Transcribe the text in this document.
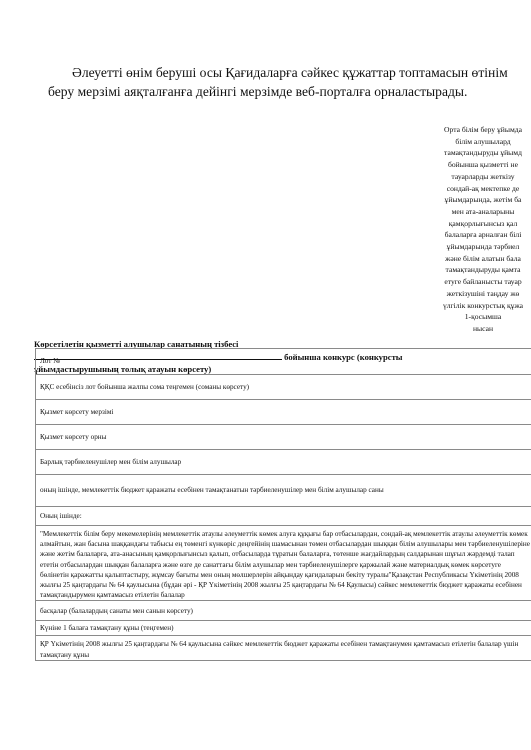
Әлеуетті өнім беруші осы Қағидаларға сәйкес құжаттар топтамасын өтінім беру мерзімі аяқталғанға дейінгі мерзімде веб-порталға орналастырады.

Орта білім беру ұйымда
білім алушылард
тамақтандыруды ұйымд
бойынша қызметті не
тауарларды жеткізу
сондай-ақ мектепке де
ұйымдарында, жетім ба
мен ата-аналарыны
қамқорлығынсыз қал
балаларға арналған білі
ұйымдарында тәрбиел
және білім алатын бала
тамақтандыруды қамта
етуге байланысты тауар
жеткізушіні таңдау жө
үлгілік конкурстық құжа
1-қосымша
нысан
Көрсетілетін қызметті алушылар санатының тізбесі
бойынша конкурс (конкурсты
ұйымдастырушының толық атауын көрсету)
Лот №
ҚҚС есебінсіз лот бойынша жалпы сома теңгемен (соманы көрсету)
Қызмет көрсету мерзімі
Қызмет көрсету орны
Барлық тәрбиеленушілер мен білім алушылар
оның ішінде, мемлекеттік бюджет қаражаты есебінен тамақтанатын тәрбиеленушілер мен білім алушылар саны
Оның ішінде:
"Мемлекеттік білім беру мекемелерінің мемлекеттік атаулы әлеуметтік көмек алуға құқығы бар отбасылардан, сондай-ақ мемлекеттік атаулы әлеуметтік көмек алмайтын, жан басына шаққандағы табысы ең төменгі күнкөріс деңгейінің шамасынан төмен отбасылардан шыққан білім алушылары мен тәрбиеленушілеріне және жетім балаларға, ата-анасының қамқорлығынсыз қалып, отбасыларда тұратын балаларға, төтенше жағдайлардың салдарынан шұғыл жәрдемді талап ететін отбасылардан шыққан балаларға және өзге де санаттағы білім алушылар мен тәрбиеленушілерге қаржылай және материалдық көмек көрсетуге бөлінетін қаражатты қалыптастыру, жұмсау бағыты мен оның мөлшерлерін айқындау қағидаларын бекіту туралы"Қазақстан Республикасы Үкіметінің 2008 жылғы 25 қаңтардағы № 64 қаулысына (бұдан әрі - ҚР Үкіметінің 2008 жылғы 25 қаңтардағы № 64 Қаулысы) сәйкес мемлекеттік бюджет қаражаты есебінен тамақтандырумен қамтамасыз етілетін балалар
басқалар (балалардың санаты мен санын көрсету)
Күніне 1 балаға тамақтану құны (теңгемен)
ҚР Үкіметінің 2008 жылғы 25 қаңтардағы № 64 қаулысына сәйкес мемлекеттік бюджет қаражаты есебінен тамақтанумен қамтамасыз етілетін балалар үшін тамақтану құны
